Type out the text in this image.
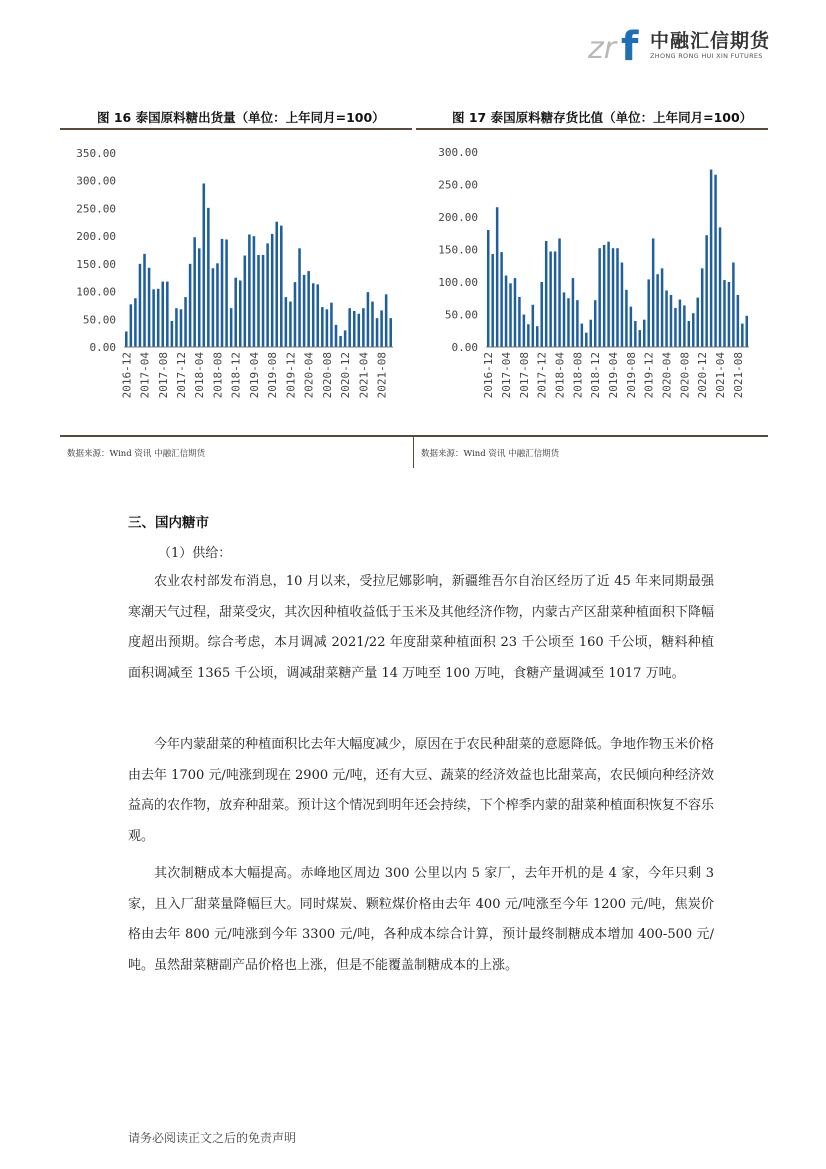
zr f 中融汇信期货
ZHONG RONG HUI XIN FUTURES
图 16 泰国原料糖出货量（单位：上年同月=100）	图 17 泰国原料糖存货比值（单位：上年同月=100）
0.00
50.00
100.00
150.00
200.00
250.00
300.00
350.00
2016-12 2017-04 2017-08 2017-12 2018-04 2018-08 2018-12 2019-04 2019-08 2019-12 2020-04 2020-08 2020-12 2021-04 2021-08
0.00
50.00
100.00
150.00
200.00
250.00
300.00
2016-12 2017-04 2017-08 2017-12 2018-04 2018-08 2018-12 2019-04 2019-08 2019-12 2020-04 2020-08 2020-12 2021-04 2021-08
数据来源：Wind 资讯 中融汇信期货	数据来源：Wind 资讯 中融汇信期货
三、国内糖市
（1）供给：

农业农村部发布消息，10 月以来，受拉尼娜影响，新疆维吾尔自治区经历了近 45 年来同期最强寒潮天气过程，甜菜受灾，其次因种植收益低于玉米及其他经济作物，内蒙古产区甜菜种植面积下降幅度超出预期。综合考虑，本月调减 2021/22 年度甜菜种植面积 23 千公顷至 160 千公顷，糖料种植面积调减至 1365 千公顷，调减甜菜糖产量 14 万吨至 100 万吨，食糖产量调减至 1017 万吨。

今年内蒙甜菜的种植面积比去年大幅度减少，原因在于农民种甜菜的意愿降低。争地作物玉米价格由去年 1700 元/吨涨到现在 2900 元/吨，还有大豆、蔬菜的经济效益也比甜菜高，农民倾向种经济效益高的农作物，放弃种甜菜。预计这个情况到明年还会持续，下个榨季内蒙的甜菜种植面积恢复不容乐观。

其次制糖成本大幅提高。赤峰地区周边 300 公里以内 5 家厂，去年开机的是 4 家，今年只剩 3 家，且入厂甜菜量降幅巨大。同时煤炭、颗粒煤价格由去年 400 元/吨涨至今年 1200 元/吨，焦炭价格由去年 800 元/吨涨到今年 3300 元/吨，各种成本综合计算，预计最终制糖成本增加 400-500 元/吨。虽然甜菜糖副产品价格也上涨，但是不能覆盖制糖成本的上涨。

请务必阅读正文之后的免责声明
